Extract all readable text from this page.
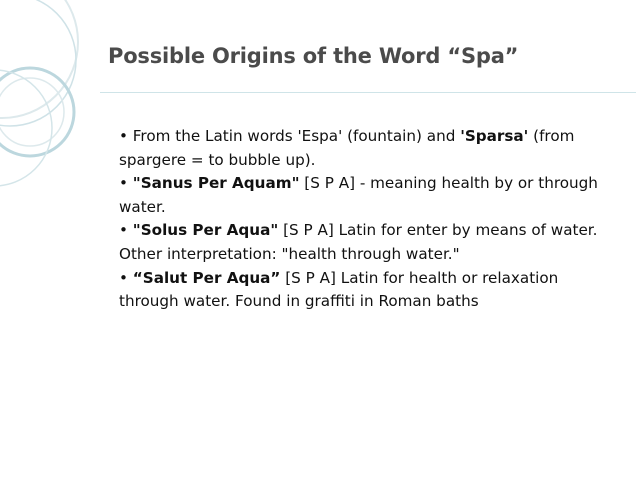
Possible Origins of the Word “Spa”

• From the Latin words 'Espa' (fountain) and 'Sparsa' (from spargere = to bubble up).

• "Sanus Per Aquam" [S P A] - meaning health by or through water.

• "Solus Per Aqua" [S P A] Latin for enter by means of water. Other interpretation: "health through water."

• “Salut Per Aqua” [S P A] Latin for health or relaxation through water. Found in graffiti in Roman baths
